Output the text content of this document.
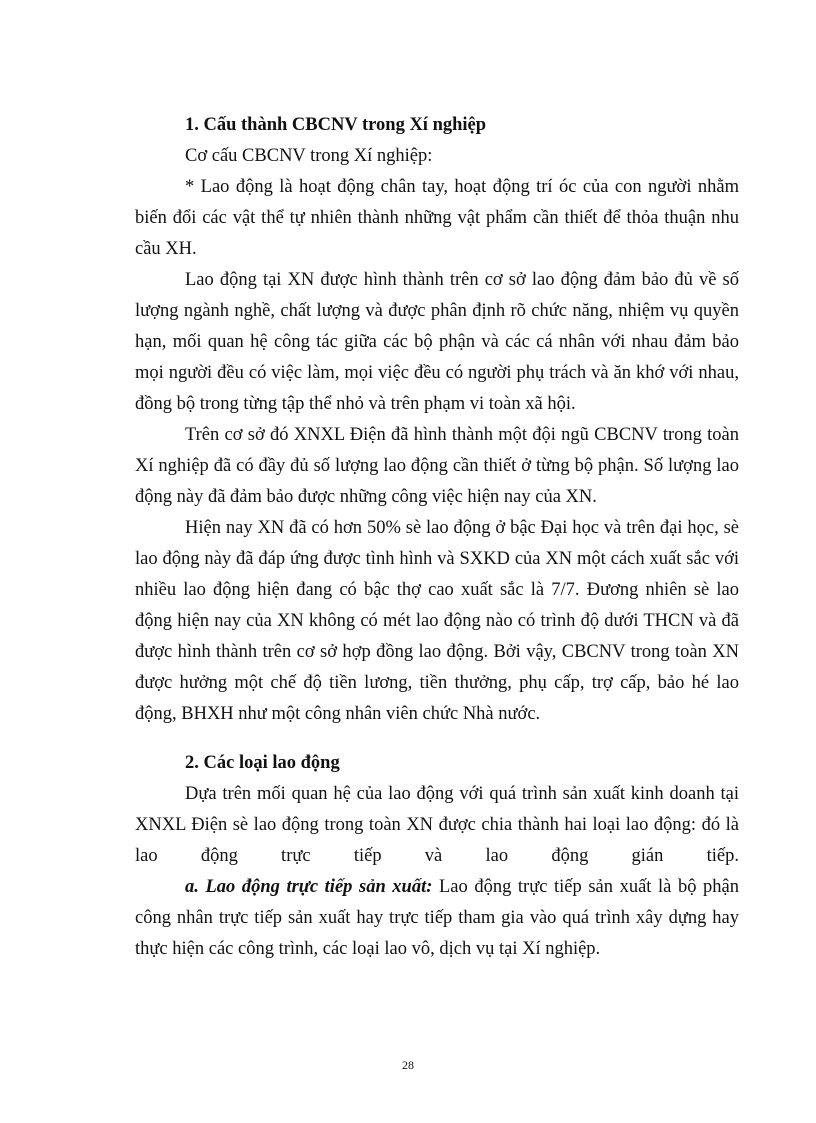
1. Cấu thành CBCNV trong Xí nghiệp

Cơ cấu CBCNV trong Xí nghiệp:

* Lao động là hoạt động chân tay, hoạt động trí óc của con người nhằm biến đổi các vật thể tự nhiên thành những vật phẩm cần thiết để thỏa thuận nhu cầu XH.

Lao động tại XN được hình thành trên cơ sở lao động đảm bảo đủ về số lượng ngành nghề, chất lượng và được phân định rõ chức năng, nhiệm vụ quyền hạn, mối quan hệ công tác giữa các bộ phận và các cá nhân với nhau đảm bảo mọi người đều có việc làm, mọi việc đều có người phụ trách và ăn khớ với nhau, đồng bộ trong từng tập thể nhỏ và trên phạm vi toàn xã hội.

Trên cơ sở đó XNXL Điện đã hình thành một đội ngũ CBCNV trong toàn Xí nghiệp đã có đầy đủ số lượng lao động cần thiết ở từng bộ phận. Số lượng lao động này đã đảm bảo được những công việc hiện nay của XN.

Hiện nay XN đã có hơn 50% sè lao động ở bậc Đại học và trên đại học, sè lao động này đã đáp ứng được tình hình và SXKD của XN một cách xuất sắc với nhiều lao động hiện đang có bậc thợ cao xuất sắc là 7/7. Đương nhiên sè lao động hiện nay của XN không có mét lao động nào có trình độ dưới THCN và đã được hình thành trên cơ sở hợp đồng lao động. Bởi vậy, CBCNV trong toàn XN được hưởng một chế độ tiền lương, tiền thưởng, phụ cấp, trợ cấp, bảo hé lao động, BHXH như một công nhân viên chức Nhà nước.

2. Các loại lao động

Dựa trên mối quan hệ của lao động với quá trình sản xuất kinh doanh tại XNXL Điện sè lao động trong toàn XN được chia thành hai loại lao động: đó là lao động trực tiếp và lao động gián tiếp.

a. Lao động trực tiếp sản xuất: Lao động trực tiếp sản xuất là bộ phận công nhân trực tiếp sản xuất hay trực tiếp tham gia vào quá trình xây dựng hay thực hiện các công trình, các loại lao vô, dịch vụ tại Xí nghiệp.

28
